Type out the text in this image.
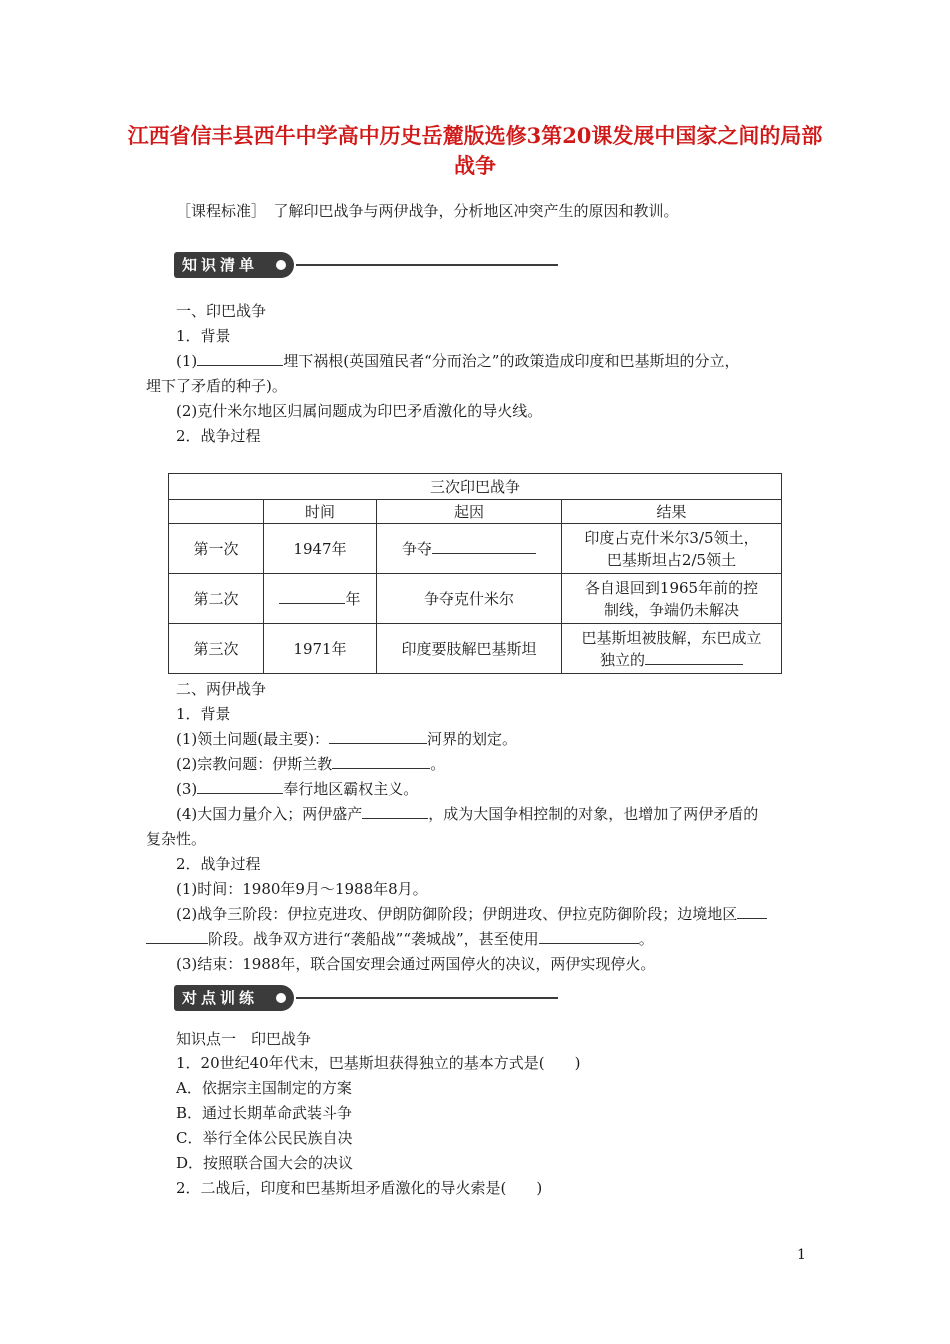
江西省信丰县西牛中学高中历史岳麓版选修3第20课发展中国家之间的局部战争
［课程标准］　了解印巴战争与两伊战争，分析地区冲突产生的原因和教训。
知识清单
一、印巴战争
1．背景
(1)	埋下祸根(英国殖民者“分而治之”的政策造成印度和巴基斯坦的分立，
埋下了矛盾的种子)。
(2)克什米尔地区归属问题成为印巴矛盾激化的导火线。
2．战争过程
三次印巴战争			
	时间	起因	结果
第一次	1947年	争夺	印度占克什米尔3/5领土，
巴基斯坦占2/5领土

第二次	年	争夺克什米尔	各自退回到1965年前的控
制线，争端仍未解决

第三次	1971年	印度要肢解巴基斯坦	巴基斯坦被肢解，东巴成立
独立的
二、两伊战争
1．背景
(1)领土问题(最主要)：	河界的划定。
(2)宗教问题：伊斯兰教	。
(3)	奉行地区霸权主义。
(4)大国力量介入；两伊盛产	，成为大国争相控制的对象，也增加了两伊矛盾的
复杂性。
2．战争过程
(1)时间：1980年9月～1988年8月。
(2)战争三阶段：伊拉克进攻、伊朗防御阶段；伊朗进攻、伊拉克防御阶段；边境地区
阶段。战争双方进行“袭船战”“袭城战”，甚至使用	。
(3)结束：1988年，联合国安理会通过两国停火的决议，两伊实现停火。
对点训练
知识点一　印巴战争
1．20世纪40年代末，巴基斯坦获得独立的基本方式是(　　)
A．依据宗主国制定的方案
B．通过长期革命武装斗争
C．举行全体公民民族自决
D．按照联合国大会的决议
2．二战后，印度和巴基斯坦矛盾激化的导火索是(　　)
1
